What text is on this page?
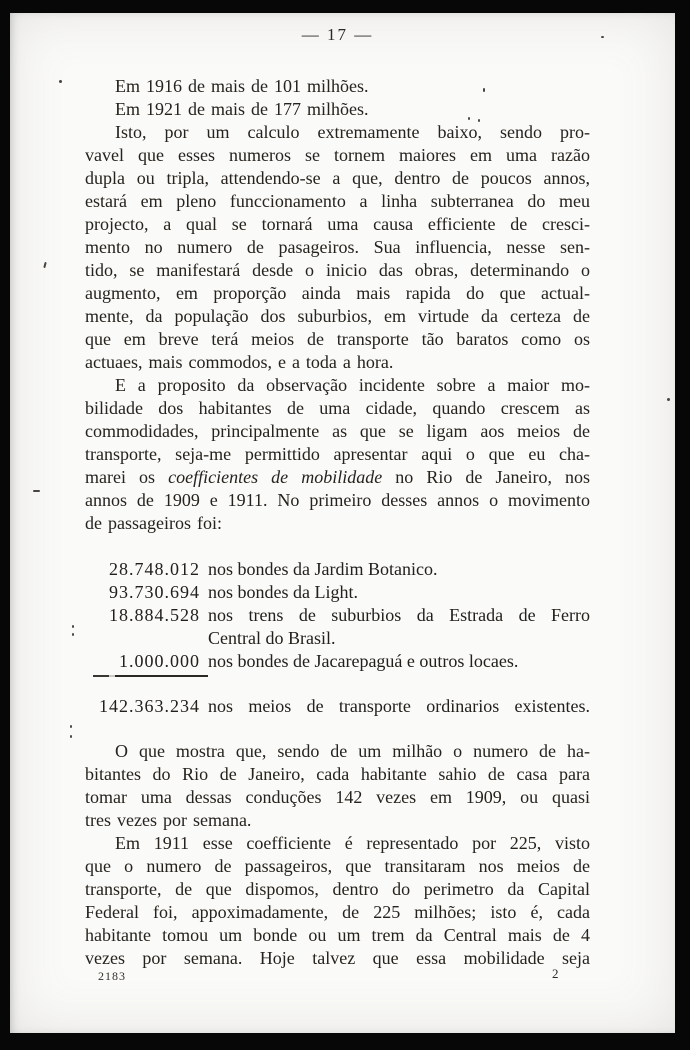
— 17 —
Em 1916 de mais de 101 milhões.
Em 1921 de mais de 177 milhões.
Isto, por um calculo extremamente baixo, sendo pro-
vavel que esses numeros se tornem maiores em uma razão
dupla ou tripla, attendendo-se a que, dentro de poucos annos,
estará em pleno funccionamento a linha subterranea do meu
projecto, a qual se tornará uma causa efficiente de cresci-
mento no numero de pasageiros. Sua influencia, nesse sen-
tido, se manifestará desde o inicio das obras, determinando o
augmento, em proporção ainda mais rapida do que actual-
mente, da população dos suburbios, em virtude da certeza de
que em breve terá meios de transporte tão baratos como os
actuaes, mais commodos, e a toda a hora.
E a proposito da observação incidente sobre a maior mo-
bilidade dos habitantes de uma cidade, quando crescem as
commodidades, principalmente as que se ligam aos meios de
transporte, seja-me permittido apresentar aqui o que eu cha-
marei os coefficientes de mobilidade no Rio de Janeiro, nos
annos de 1909 e 1911. No primeiro desses annos o movimento
de passageiros foi:
28.748.012 nos bondes da Jardim Botanico.
93.730.694 nos bondes da Light.
18.884.528 nos trens de suburbios da Estrada de Ferro
Central do Brasil.
1.000.000 nos bondes de Jacarepaguá e outros locaes.
142.363.234 nos meios de transporte ordinarios existentes.
O que mostra que, sendo de um milhão o numero de ha-
bitantes do Rio de Janeiro, cada habitante sahio de casa para
tomar uma dessas conduções 142 vezes em 1909, ou quasi
tres vezes por semana.
Em 1911 esse coefficiente é representado por 225, visto
que o numero de passageiros, que transitaram nos meios de
transporte, de que dispomos, dentro do perimetro da Capital
Federal foi, appoximadamente, de 225 milhões; isto é, cada
habitante tomou um bonde ou um trem da Central mais de 4
vezes por semana. Hoje talvez que essa mobilidade seja
2183	2
